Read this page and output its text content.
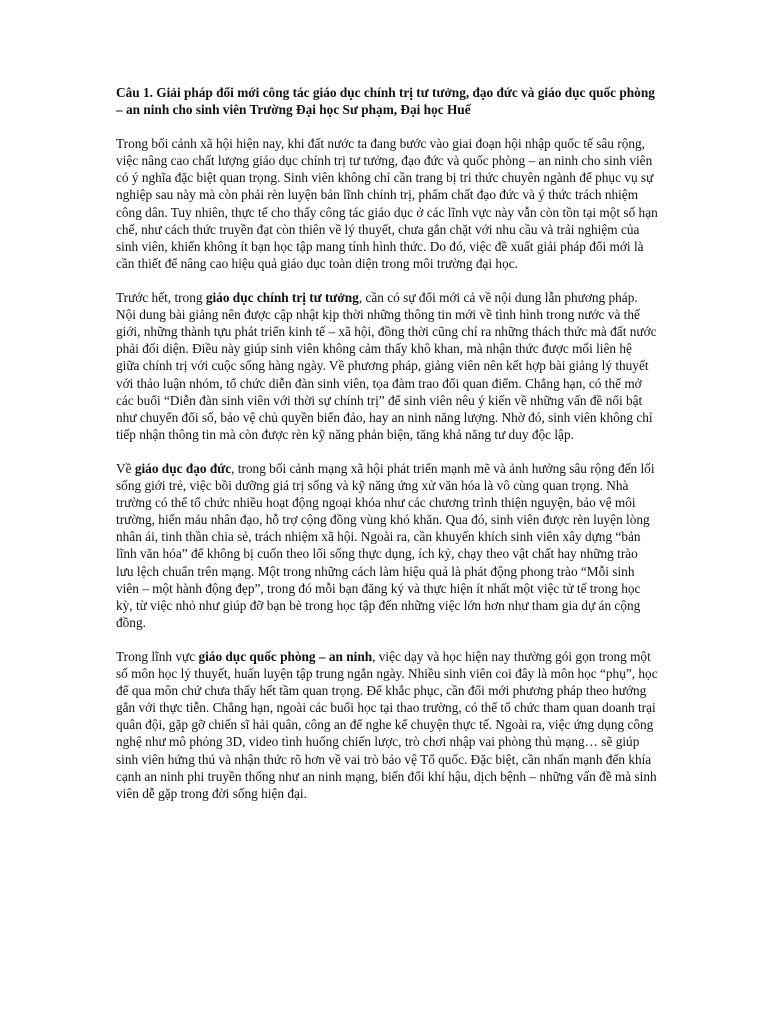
Câu 1. Giải pháp đổi mới công tác giáo dục chính trị tư tưởng, đạo đức và giáo dục quốc phòng – an ninh cho sinh viên Trường Đại học Sư phạm, Đại học Huế

Trong bối cảnh xã hội hiện nay, khi đất nước ta đang bước vào giai đoạn hội nhập quốc tế sâu rộng, việc nâng cao chất lượng giáo dục chính trị tư tưởng, đạo đức và quốc phòng – an ninh cho sinh viên có ý nghĩa đặc biệt quan trọng. Sinh viên không chỉ cần trang bị tri thức chuyên ngành để phục vụ sự nghiệp sau này mà còn phải rèn luyện bản lĩnh chính trị, phẩm chất đạo đức và ý thức trách nhiệm công dân. Tuy nhiên, thực tế cho thấy công tác giáo dục ở các lĩnh vực này vẫn còn tồn tại một số hạn chế, như cách thức truyền đạt còn thiên về lý thuyết, chưa gắn chặt với nhu cầu và trải nghiệm của sinh viên, khiến không ít bạn học tập mang tính hình thức. Do đó, việc đề xuất giải pháp đổi mới là cần thiết để nâng cao hiệu quả giáo dục toàn diện trong môi trường đại học.

Trước hết, trong giáo dục chính trị tư tưởng, cần có sự đổi mới cả về nội dung lẫn phương pháp. Nội dung bài giảng nên được cập nhật kịp thời những thông tin mới về tình hình trong nước và thế giới, những thành tựu phát triển kinh tế – xã hội, đồng thời cũng chỉ ra những thách thức mà đất nước phải đối diện. Điều này giúp sinh viên không cảm thấy khô khan, mà nhận thức được mối liên hệ giữa chính trị với cuộc sống hàng ngày. Về phương pháp, giảng viên nên kết hợp bài giảng lý thuyết với thảo luận nhóm, tổ chức diễn đàn sinh viên, tọa đàm trao đổi quan điểm. Chẳng hạn, có thể mở các buổi “Diễn đàn sinh viên với thời sự chính trị” để sinh viên nêu ý kiến về những vấn đề nổi bật như chuyển đổi số, bảo vệ chủ quyền biển đảo, hay an ninh năng lượng. Nhờ đó, sinh viên không chỉ tiếp nhận thông tin mà còn được rèn kỹ năng phản biện, tăng khả năng tư duy độc lập.

Về giáo dục đạo đức, trong bối cảnh mạng xã hội phát triển mạnh mẽ và ảnh hưởng sâu rộng đến lối sống giới trẻ, việc bồi dưỡng giá trị sống và kỹ năng ứng xử văn hóa là vô cùng quan trọng. Nhà trường có thể tổ chức nhiều hoạt động ngoại khóa như các chương trình thiện nguyện, bảo vệ môi trường, hiến máu nhân đạo, hỗ trợ cộng đồng vùng khó khăn. Qua đó, sinh viên được rèn luyện lòng nhân ái, tinh thần chia sẻ, trách nhiệm xã hội. Ngoài ra, cần khuyến khích sinh viên xây dựng “bản lĩnh văn hóa” để không bị cuốn theo lối sống thực dụng, ích kỷ, chạy theo vật chất hay những trào lưu lệch chuẩn trên mạng. Một trong những cách làm hiệu quả là phát động phong trào “Mỗi sinh viên – một hành động đẹp”, trong đó mỗi bạn đăng ký và thực hiện ít nhất một việc tử tế trong học kỳ, từ việc nhỏ như giúp đỡ bạn bè trong học tập đến những việc lớn hơn như tham gia dự án cộng đồng.

Trong lĩnh vực giáo dục quốc phòng – an ninh, việc dạy và học hiện nay thường gói gọn trong một số môn học lý thuyết, huấn luyện tập trung ngắn ngày. Nhiều sinh viên coi đây là môn học “phụ”, học để qua môn chứ chưa thấy hết tầm quan trọng. Để khắc phục, cần đổi mới phương pháp theo hướng gắn với thực tiễn. Chẳng hạn, ngoài các buổi học tại thao trường, có thể tổ chức tham quan doanh trại quân đội, gặp gỡ chiến sĩ hải quân, công an để nghe kể chuyện thực tế. Ngoài ra, việc ứng dụng công nghệ như mô phỏng 3D, video tình huống chiến lược, trò chơi nhập vai phòng thủ mạng… sẽ giúp sinh viên hứng thú và nhận thức rõ hơn về vai trò bảo vệ Tổ quốc. Đặc biệt, cần nhấn mạnh đến khía cạnh an ninh phi truyền thống như an ninh mạng, biến đổi khí hậu, dịch bệnh – những vấn đề mà sinh viên dễ gặp trong đời sống hiện đại.
